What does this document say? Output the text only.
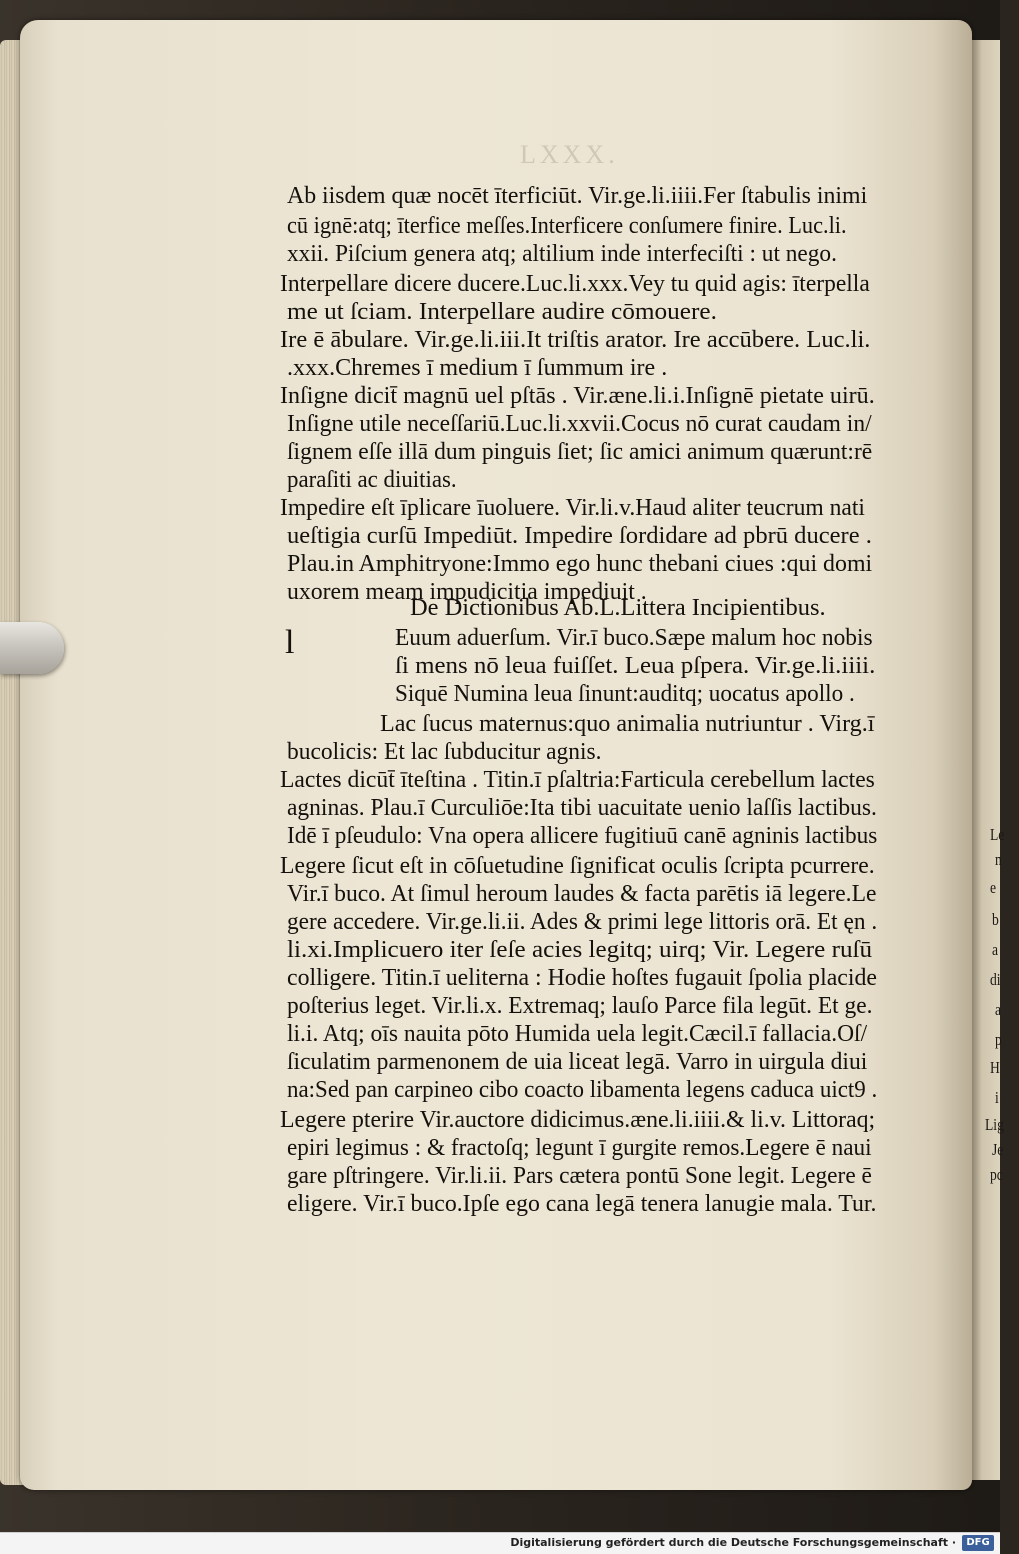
LXXX.
Le
n
e
b
a
di
a
p
H
i
Lig
Je
pc
l
Ab iisdem quæ nocēt īterficiūt. Vir.ge.li.iiii.Fer ſtabulis inimi
cū ignē:atq; īterfice meſſes.Interficere conſumere finire. Luc.li.
xxii. Piſcium genera atq; altilium inde interfeciſti : ut nego.
Interpellare dicere ducere.Luc.li.xxx.Vey tu quid agis: īterpella
me ut ſciam. Interpellare audire cōmouere.
Ire ē ābulare. Vir.ge.li.iii.It triſtis arator. Ire accūbere. Luc.li.
.xxx.Chremes ī medium ī ſummum ire .
Inſigne dicit̄ magnū uel pſtās . Vir.æne.li.i.Inſignē pietate uirū.
Inſigne utile neceſſariū.Luc.li.xxvii.Cocus nō curat caudam in/
ſignem eſſe illā dum pinguis ſiet; ſic amici animum quærunt:rē
paraſiti ac diuitias.
Impedire eſt īplicare īuoluere. Vir.li.v.Haud aliter teucrum nati
ueſtigia curſū Impediūt. Impedire ſordidare ad pbrū ducere .
Plau.in Amphitryone:Immo ego hunc thebani ciues :qui domi
uxorem meam impudicitia impediuit .
De Dictionibus Ab.L.Littera Incipientibus.
Euum aduerſum. Vir.ī buco.Sæpe malum hoc nobis
ſi mens nō leua fuiſſet. Leua pſpera. Vir.ge.li.iiii.
Siquē Numina leua ſinunt:auditq; uocatus apollo .
Lac ſucus maternus:quo animalia nutriuntur . Virg.ī
bucolicis: Et lac ſubducitur agnis.
Lactes dicūt̄ īteſtina . Titin.ī pſaltria:Farticula cerebellum lactes
agninas. Plau.ī Curculiōe:Ita tibi uacuitate uenio laſſis lactibus.
Idē ī pſeudulo: Vna opera allicere fugitiuū canē agninis lactibus
Legere ſicut eſt in cōſuetudine ſignificat oculis ſcripta pcurrere.
Vir.ī buco. At ſimul heroum laudes & facta parētis iā legere.Le
gere accedere. Vir.ge.li.ii. Ades & primi lege littoris orā. Et ęn .
li.xi.Implicuero iter ſeſe acies legitq; uirq; Vir. Legere ruſū
colligere. Titin.ī ueliterna : Hodie hoſtes fugauit ſpolia placide
poſterius leget. Vir.li.x. Extremaq; lauſo Parce fila legūt. Et ge.
li.i. Atq; oīs nauita pōto Humida uela legit.Cæcil.ī fallacia.Oſ/
ſiculatim parmenonem de uia liceat legā. Varro in uirgula diui
na:Sed pan carpineo cibo coacto libamenta legens caduca uict9 .
Legere pterire Vir.auctore didicimus.æne.li.iiii.& li.v. Littoraq;
epiri legimus : & fractoſq; legunt ī gurgite remos.Legere ē naui
gare pſtringere. Vir.li.ii. Pars cætera pontū Sone legit. Legere ē
eligere. Vir.ī buco.Ipſe ego cana legā tenera lanugie mala. Tur.
Digitalisierung gefördert durch die Deutsche Forschungsgemeinschaft ·	DFG
